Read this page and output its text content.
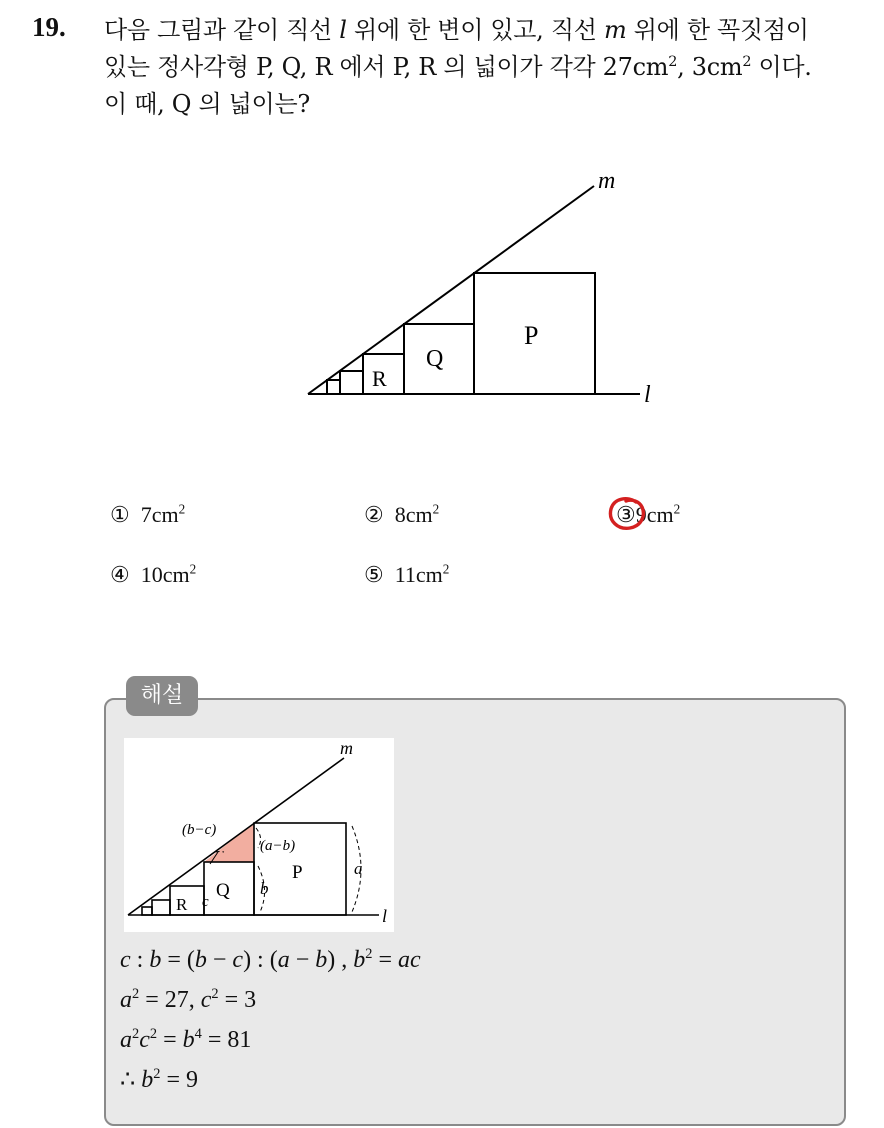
19. 다음 그림과 같이 직선 l 위에 한 변이 있고, 직선 m 위에 한 꼭짓점이
있는 정사각형 P, Q, R 에서 P, R 의 넓이가 각각 $27cm^2$, $3cm^2$ 이다.
이 때, Q 의 넓이는?
m
l
P
Q
R
① $7cm^2$	② $8cm^2$	$③9cm^2$
④ $10cm^2$	⑤ $11cm^2$
해설
m
l
P
Q
R
(b−c)
(a−b)
a
b
c
c : b = (b − c) : (a − b) , $b^2$ = ac
$a^2 = 27$, $c^2 = 3$
$a^2c^2 = b^4 = 81$
∴ $b^2 = 9$
